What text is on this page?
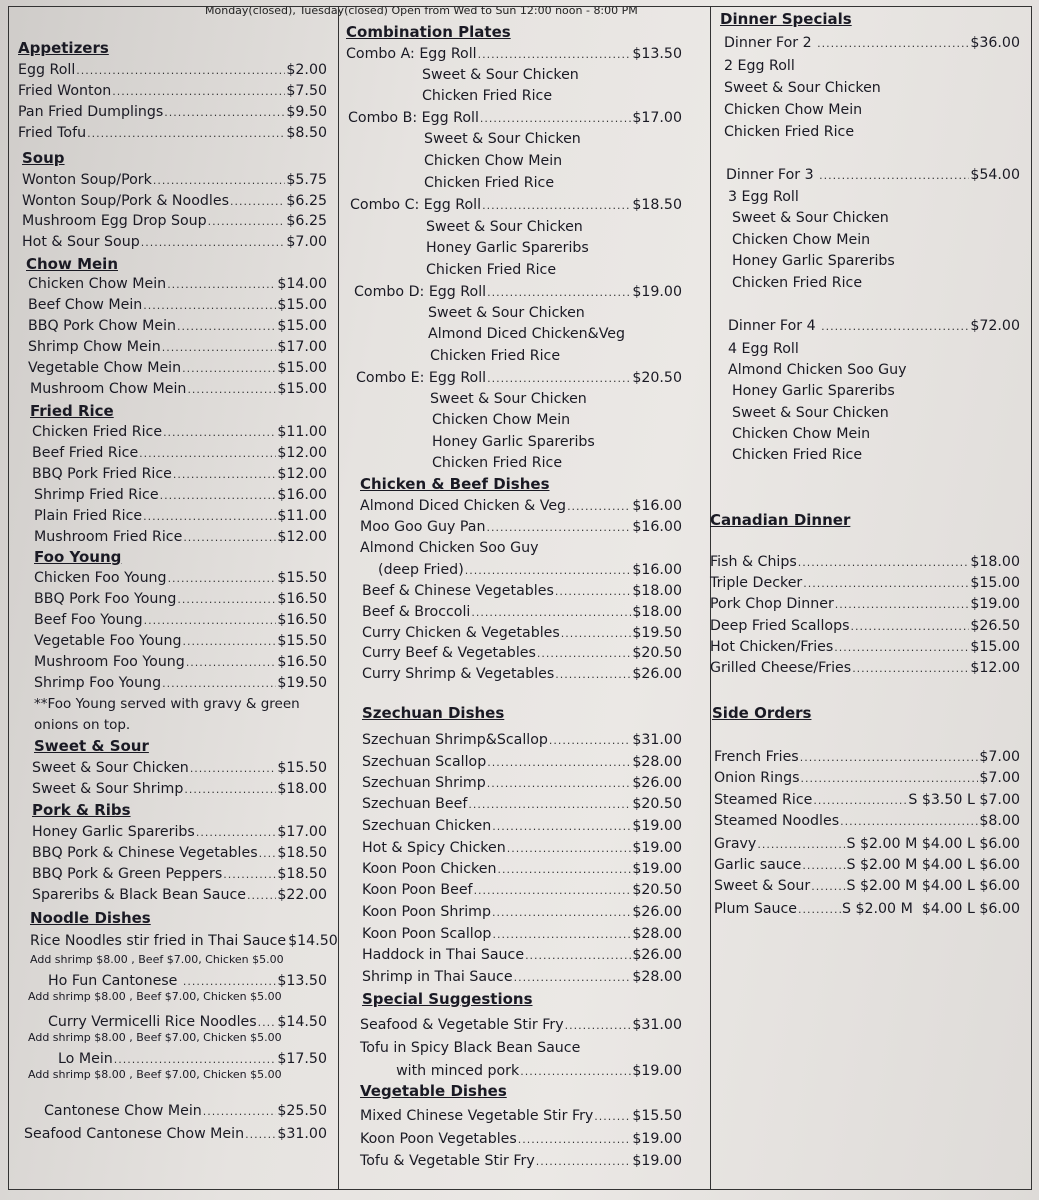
Monday(closed), Tuesday(closed) Open from Wed to Sun 12:00 noon - 8:00 PM
Appetizers
Egg Roll .....	$2.00
Fried Wonton .....	$7.50
Pan Fried Dumplings .....	$9.50
Fried Tofu .....	$8.50
Soup
Wonton Soup/Pork .....	$5.75
Wonton Soup/Pork & Noodles .....	$6.25
Mushroom Egg Drop Soup .....	$6.25
Hot & Sour Soup .....	$7.00
Chow Mein
Chicken Chow Mein .....	$14.00
Beef Chow Mein .....	$15.00
BBQ Pork Chow Mein .....	$15.00
Shrimp Chow Mein .....	$17.00
Vegetable Chow Mein .....	$15.00
Mushroom Chow Mein .....	$15.00
Fried Rice
Chicken Fried Rice .....	$11.00
Beef Fried Rice .....	$12.00
BBQ Pork Fried Rice .....	$12.00
Shrimp Fried Rice .....	$16.00
Plain Fried Rice .....	$11.00
Mushroom Fried Rice .....	$12.00
Foo Young
Chicken Foo Young .....	$15.50
BBQ Pork Foo Young .....	$16.50
Beef Foo Young .....	$16.50
Vegetable Foo Young .....	$15.50
Mushroom Foo Young .....	$16.50
Shrimp Foo Young .....	$19.50
**Foo Young served with gravy & green
onions on top.
Sweet & Sour
Sweet & Sour Chicken .....	$15.50
Sweet & Sour Shrimp .....	$18.00
Pork & Ribs
Honey Garlic Spareribs .....	$17.00
BBQ Pork & Chinese Vegetables ..... $18.50
BBQ Pork & Green Peppers .....	$18.50
Spareribs & Black Bean Sauce ..... $22.00
Noodle Dishes
Rice Noodles stir fried in Thai Sauce $14.50
Add shrimp $8.00 , Beef $7.00, Chicken $5.00
Ho Fun Cantonese .....	$13.50
Add shrimp $8.00 , Beef $7.00, Chicken $5.00
Curry Vermicelli Rice Noodles ..... $14.50
Add shrimp $8.00 , Beef $7.00, Chicken $5.00
Lo Mein .....	$17.50
Add shrimp $8.00 , Beef $7.00, Chicken $5.00
Cantonese Chow Mein .....	$25.50
Seafood Cantonese Chow Mein ..... $31.00
Combination Plates
Combo A: Egg Roll .....	$13.50
Sweet & Sour Chicken
Chicken Fried Rice
Combo B: Egg Roll .....	$17.00
Sweet & Sour Chicken
Chicken Chow Mein
Chicken Fried Rice
Combo C: Egg Roll .....	$18.50
Sweet & Sour Chicken
Honey Garlic Spareribs
Chicken Fried Rice
Combo D: Egg Roll .....	$19.00
Sweet & Sour Chicken
Almond Diced Chicken&Veg
Chicken Fried Rice
Combo E: Egg Roll .....	$20.50
Sweet & Sour Chicken
Chicken Chow Mein
Honey Garlic Spareribs
Chicken Fried Rice
Chicken & Beef Dishes
Almond Diced Chicken & Veg .....	$16.00
Moo Goo Guy Pan .....	$16.00
Almond Chicken Soo Guy
(deep Fried) .....	$16.00
Beef & Chinese Vegetables .....	$18.00
Beef & Broccoli .....	$18.00
Curry Chicken & Vegetables .....	$19.50
Curry Beef & Vegetables .....	$20.50
Curry Shrimp & Vegetables .....	$26.00
Szechuan Dishes
Szechuan Shrimp&Scallop .....	$31.00
Szechuan Scallop .....	$28.00
Szechuan Shrimp .....	$26.00
Szechuan Beef .....	$20.50
Szechuan Chicken .....	$19.00
Hot & Spicy Chicken .....	$19.00
Koon Poon Chicken .....	$19.00
Koon Poon Beef .....	$20.50
Koon Poon Shrimp .....	$26.00
Koon Poon Scallop .....	$28.00
Haddock in Thai Sauce .....	$26.00
Shrimp in Thai Sauce .....	$28.00
Special Suggestions
Seafood & Vegetable Stir Fry .....	$31.00
Tofu in Spicy Black Bean Sauce
with minced pork .....	$19.00
Vegetable Dishes
Mixed Chinese Vegetable Stir Fry .....	$15.50
Koon Poon Vegetables .....	$19.00
Tofu & Vegetable Stir Fry .....	$19.00
Dinner Specials
Dinner For 2 .....	$36.00
2 Egg Roll
Sweet & Sour Chicken
Chicken Chow Mein
Chicken Fried Rice
Dinner For 3 .....	$54.00
3 Egg Roll
Sweet & Sour Chicken
Chicken Chow Mein
Honey Garlic Spareribs
Chicken Fried Rice
Dinner For 4 .....	$72.00
4 Egg Roll
Almond Chicken Soo Guy
Honey Garlic Spareribs
Sweet & Sour Chicken
Chicken Chow Mein
Chicken Fried Rice
Canadian Dinner
Fish & Chips .....	$18.00
Triple Decker .....	$15.00
Pork Chop Dinner .....	$19.00
Deep Fried Scallops .....	$26.50
Hot Chicken/Fries .....	$15.00
Grilled Cheese/Fries .....	$12.00
Side Orders
French Fries .....	$7.00
Onion Rings .....	$7.00
Steamed Rice .....	S $3.50 L $7.00
Steamed Noodles .....	$8.00
Gravy .....	S $2.00 M $4.00 L $6.00
Garlic sauce .....	S $2.00 M $4.00 L $6.00
Sweet & Sour .....	S $2.00 M $4.00 L $6.00
Plum Sauce .....	S $2.00 M  $4.00 L $6.00
